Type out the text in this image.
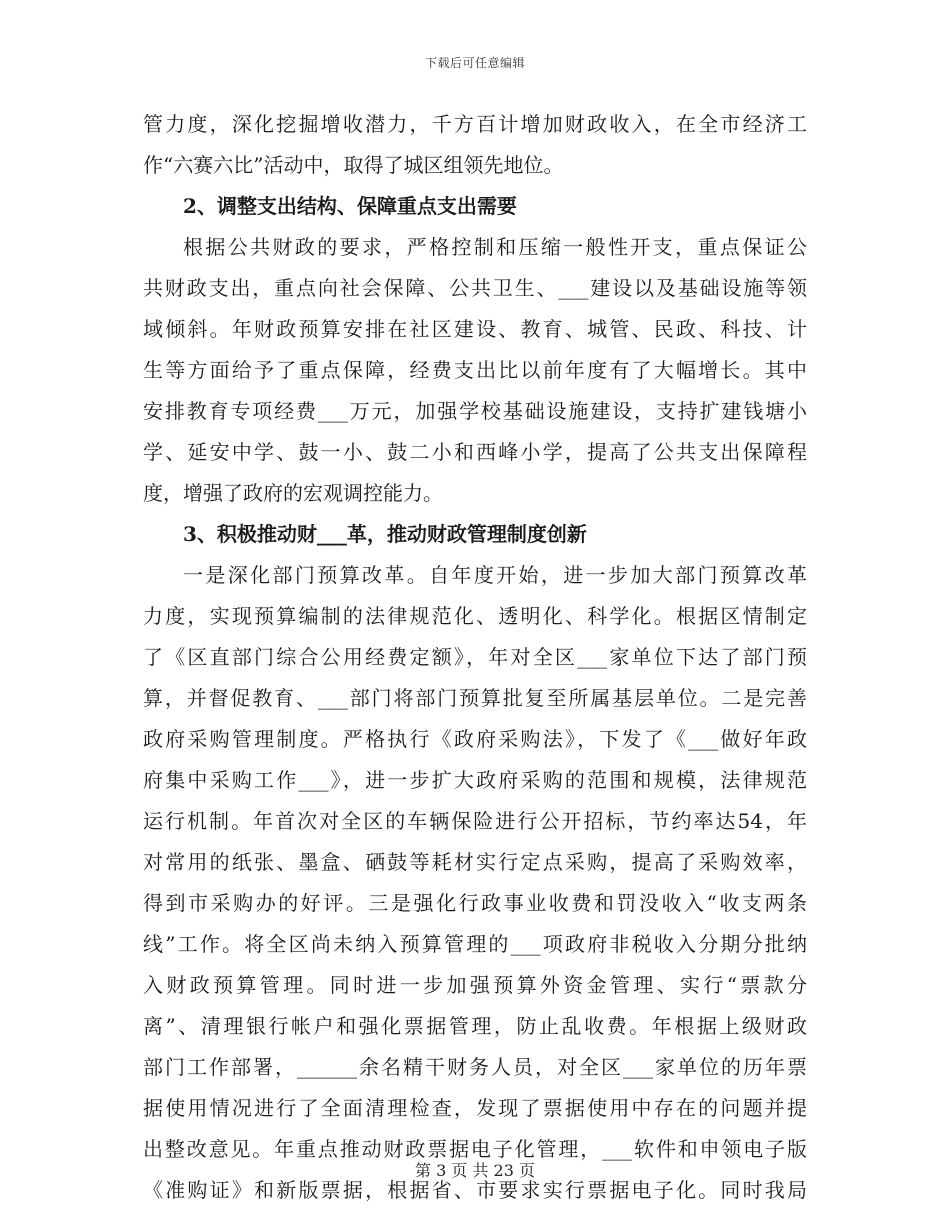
下载后可任意编辑
管力度，深化挖掘增收潜力，千方百计增加财政收入，在全市经济工
作“六赛六比”活动中，取得了城区组领先地位。
2、调整支出结构、保障重点支出需要
根据公共财政的要求，严格控制和压缩一般性开支，重点保证公
共财政支出，重点向社会保障、公共卫生、___建设以及基础设施等领
域倾斜。年财政预算安排在社区建设、教育、城管、民政、科技、计
生等方面给予了重点保障，经费支出比以前年度有了大幅增长。其中
安排教育专项经费___万元，加强学校基础设施建设，支持扩建钱塘小
学、延安中学、鼓一小、鼓二小和西峰小学，提高了公共支出保障程
度，增强了政府的宏观调控能力。
3、积极推动财___革，推动财政管理制度创新
一是深化部门预算改革。自年度开始，进一步加大部门预算改革
力度，实现预算编制的法律规范化、透明化、科学化。根据区情制定
了《区直部门综合公用经费定额》，年对全区___家单位下达了部门预
算，并督促教育、___部门将部门预算批复至所属基层单位。二是完善
政府采购管理制度。严格执行《政府采购法》，下发了《___做好年政
府集中采购工作___》，进一步扩大政府采购的范围和规模，法律规范
运行机制。年首次对全区的车辆保险进行公开招标，节约率达54，年
对常用的纸张、墨盒、硒鼓等耗材实行定点采购，提高了采购效率，
得到市采购办的好评。三是强化行政事业收费和罚没收入“收支两条
线”工作。将全区尚未纳入预算管理的___项政府非税收入分期分批纳
入财政预算管理。同时进一步加强预算外资金管理、实行“票款分
离”、清理银行帐户和强化票据管理，防止乱收费。年根据上级财政
部门工作部署，______余名精干财务人员，对全区___家单位的历年票
据使用情况进行了全面清理检查，发现了票据使用中存在的问题并提
出整改意见。年重点推动财政票据电子化管理，___软件和申领电子版
《准购证》和新版票据，根据省、市要求实行票据电子化。同时我局
第 3 页 共 23 页
